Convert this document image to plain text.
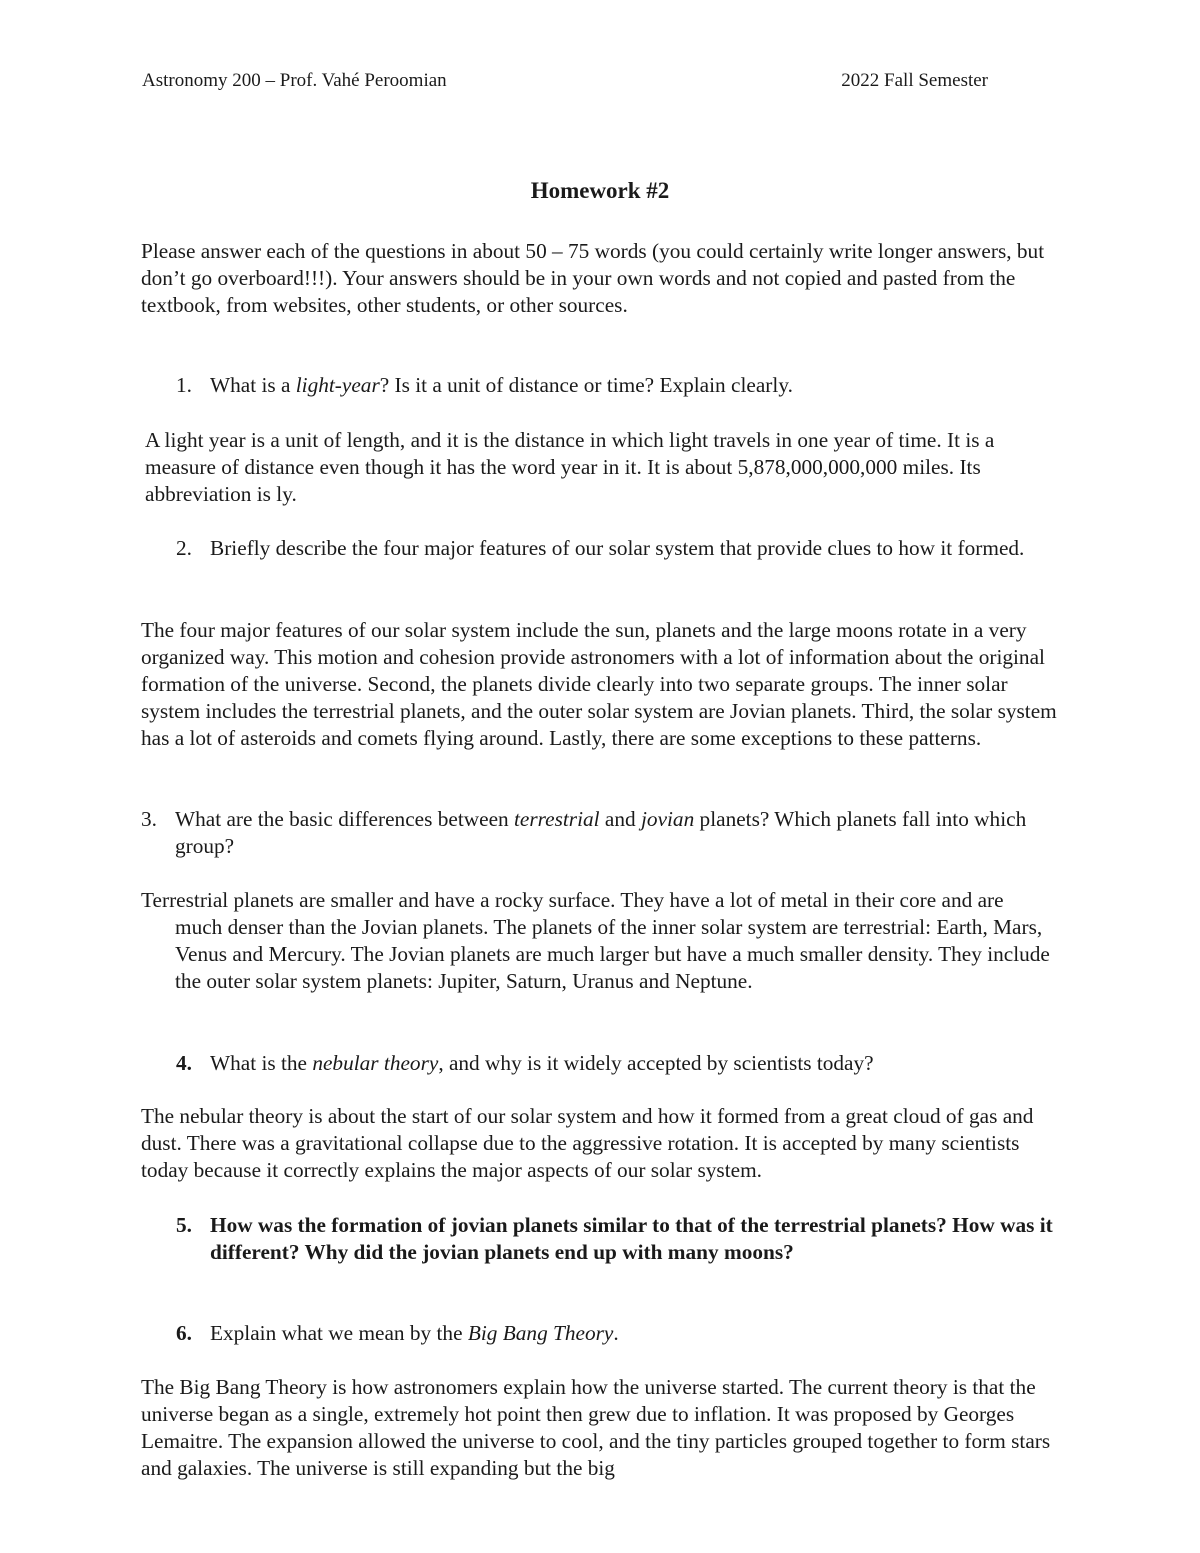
Astronomy 200 – Prof. Vahé Peroomian	2022 Fall Semester
Homework #2
Please answer each of the questions in about 50 – 75 words (you could certainly write longer answers, but don’t go overboard!!!). Your answers should be in your own words and not copied and pasted from the textbook, from websites, other students, or other sources.
1. What is a light-year? Is it a unit of distance or time? Explain clearly.
A light year is a unit of length, and it is the distance in which light travels in one year of time. It is a measure of distance even though it has the word year in it. It is about 5,878,000,000,000 miles. Its abbreviation is ly.
2. Briefly describe the four major features of our solar system that provide clues to how it formed.
The four major features of our solar system include the sun, planets and the large moons rotate in a very organized way. This motion and cohesion provide astronomers with a lot of information about the original formation of the universe. Second, the planets divide clearly into two separate groups. The inner solar system includes the terrestrial planets, and the outer solar system are Jovian planets. Third, the solar system has a lot of asteroids and comets flying around. Lastly, there are some exceptions to these patterns.
3. What are the basic differences between terrestrial and jovian planets? Which planets fall into which group?
Terrestrial planets are smaller and have a rocky surface. They have a lot of metal in their core and are much denser than the Jovian planets. The planets of the inner solar system are terrestrial: Earth, Mars, Venus and Mercury. The Jovian planets are much larger but have a much smaller density. They include the outer solar system planets: Jupiter, Saturn, Uranus and Neptune.
4. What is the nebular theory, and why is it widely accepted by scientists today?
The nebular theory is about the start of our solar system and how it formed from a great cloud of gas and dust. There was a gravitational collapse due to the aggressive rotation. It is accepted by many scientists today because it correctly explains the major aspects of our solar system.
5. How was the formation of jovian planets similar to that of the terrestrial planets? How was it different? Why did the jovian planets end up with many moons?
6. Explain what we mean by the Big Bang Theory.
The Big Bang Theory is how astronomers explain how the universe started. The current theory is that the universe began as a single, extremely hot point then grew due to inflation. It was proposed by Georges Lemaitre. The expansion allowed the universe to cool, and the tiny particles grouped together to form stars and galaxies. The universe is still expanding but the big
